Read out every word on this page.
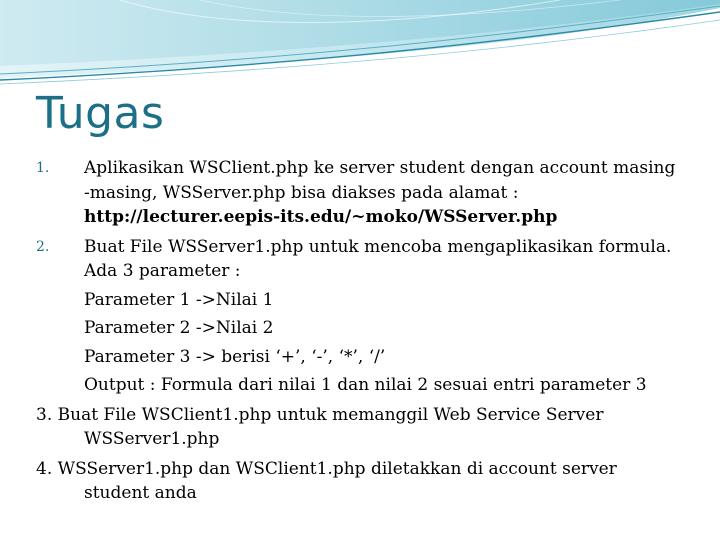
Tugas
1. Aplikasikan WSClient.php ke server student dengan account masing
-masing, WSServer.php bisa diakses pada alamat :
http://lecturer.eepis-its.edu/~moko/WSServer.php
2. Buat File WSServer1.php untuk mencoba mengaplikasikan formula.
Ada 3 parameter :
Parameter 1 ->Nilai 1
Parameter 2 ->Nilai 2
Parameter 3 -> berisi ‘+’, ‘-’, ‘*’, ‘/’
Output : Formula dari nilai 1 dan nilai 2 sesuai entri parameter 3
3. Buat File WSClient1.php untuk memanggil Web Service Server
WSServer1.php
4. WSServer1.php dan WSClient1.php diletakkan di account server
student anda
